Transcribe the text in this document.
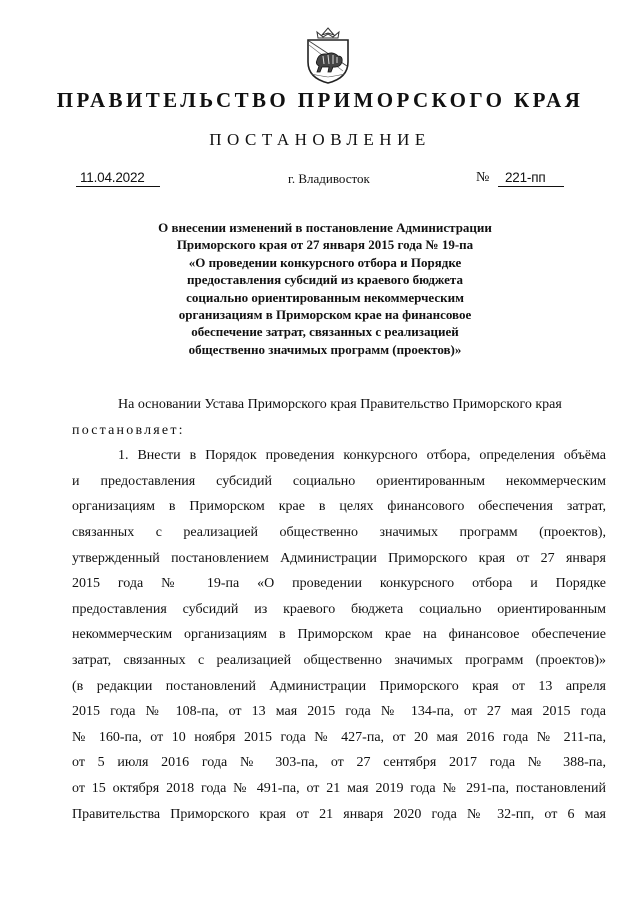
ПРАВИТЕЛЬСТВО ПРИМОРСКОГО КРАЯ
ПОСТАНОВЛЕНИЕ
11.04.2022	г. Владивосток	№ 221-пп
О внесении изменений в постановление Администрации
Приморского края от 27 января 2015 года № 19-па
«О проведении конкурсного отбора и Порядке
предоставления субсидий из краевого бюджета
социально ориентированным некоммерческим
организациям в Приморском крае на финансовое
обеспечение затрат, связанных с реализацией
общественно значимых программ (проектов)»
На основании Устава Приморского края Правительство Приморского края
постановляет:
1. Внести в Порядок проведения конкурсного отбора, определения объёма
и предоставления субсидий социально ориентированным некоммерческим
организациям в Приморском крае в целях финансового обеспечения затрат,
связанных с реализацией общественно значимых программ (проектов),
утвержденный постановлением Администрации Приморского края от 27 января
2015 года № 19-па «О проведении конкурсного отбора и Порядке
предоставления субсидий из краевого бюджета социально ориентированным
некоммерческим организациям в Приморском крае на финансовое обеспечение
затрат, связанных с реализацией общественно значимых программ (проектов)»
(в редакции постановлений Администрации Приморского края от 13 апреля
2015 года № 108-па, от 13 мая 2015 года № 134-па, от 27 мая 2015 года
№ 160-па, от 10 ноября 2015 года № 427-па, от 20 мая 2016 года № 211-па,
от 5 июля 2016 года № 303-па, от 27 сентября 2017 года № 388-па,
от 15 октября 2018 года № 491-па, от 21 мая 2019 года № 291-па, постановлений
Правительства Приморского края от 21 января 2020 года № 32-пп, от 6 мая
